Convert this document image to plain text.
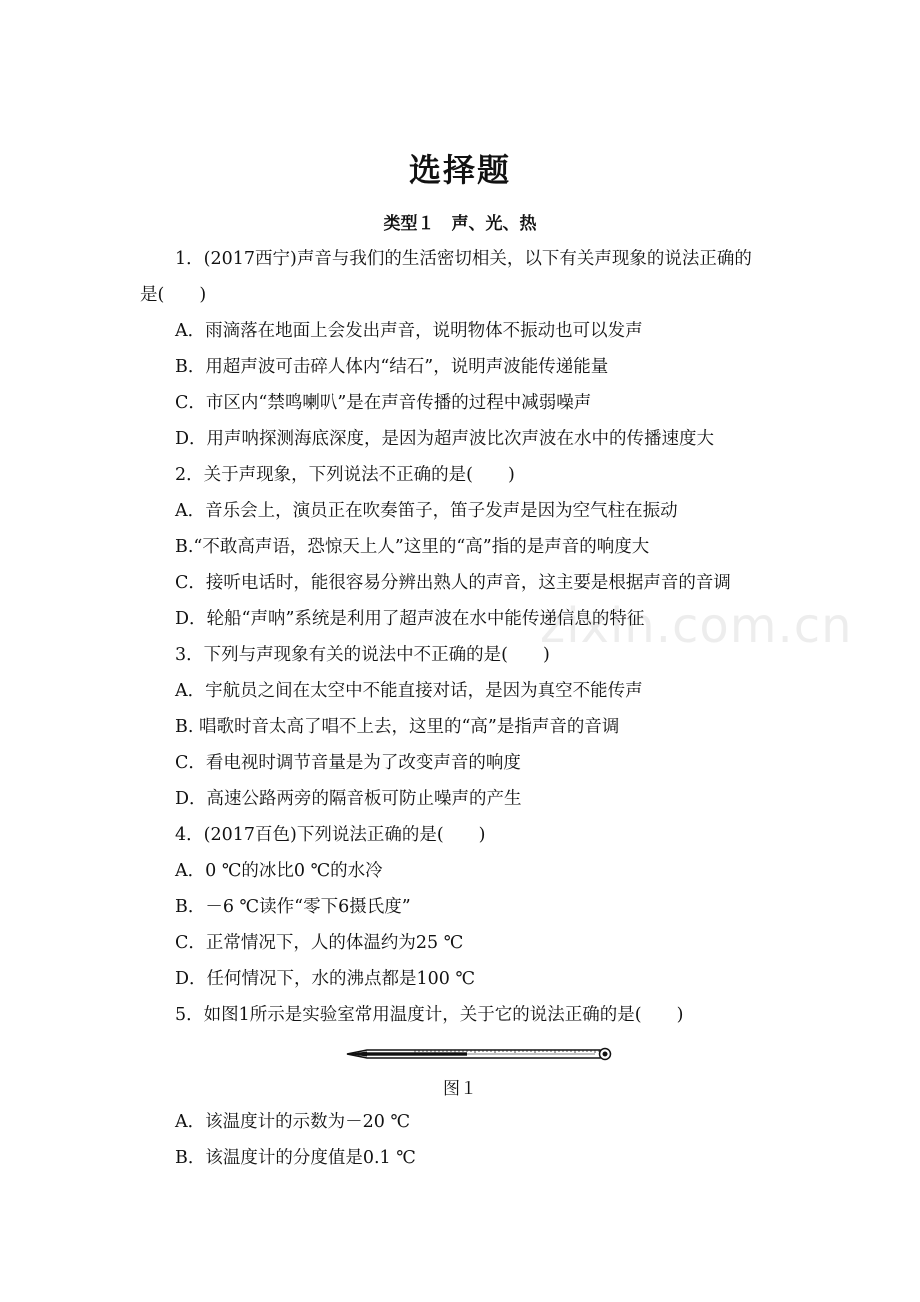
选择题
类型１　声、光、热
1．(2017西宁)声音与我们的生活密切相关，以下有关声现象的说法正确的
是(　　)
A．雨滴落在地面上会发出声音，说明物体不振动也可以发声
B．用超声波可击碎人体内“结石”，说明声波能传递能量
C．市区内“禁鸣喇叭”是在声音传播的过程中减弱噪声
D．用声呐探测海底深度，是因为超声波比次声波在水中的传播速度大
2．关于声现象，下列说法不正确的是(　　)
A．音乐会上，演员正在吹奏笛子，笛子发声是因为空气柱在振动
B.“不敢高声语，恐惊天上人”这里的“高”指的是声音的响度大
C．接听电话时，能很容易分辨出熟人的声音，这主要是根据声音的音调
D．轮船“声呐”系统是利用了超声波在水中能传递信息的特征
3．下列与声现象有关的说法中不正确的是(　　)
A．宇航员之间在太空中不能直接对话，是因为真空不能传声
B. 唱歌时音太高了唱不上去，这里的“高”是指声音的音调
C．看电视时调节音量是为了改变声音的响度
D．高速公路两旁的隔音板可防止噪声的产生
4．(2017百色)下列说法正确的是(　　)
A．0 ℃的冰比0 ℃的水冷
B．－6 ℃读作“零下6摄氏度”
C．正常情况下，人的体温约为25 ℃
D．任何情况下，水的沸点都是100 ℃
5．如图1所示是实验室常用温度计，关于它的说法正确的是(　　)
图１
A．该温度计的示数为－20 ℃
B．该温度计的分度值是0.1 ℃
zixin.com.cn
